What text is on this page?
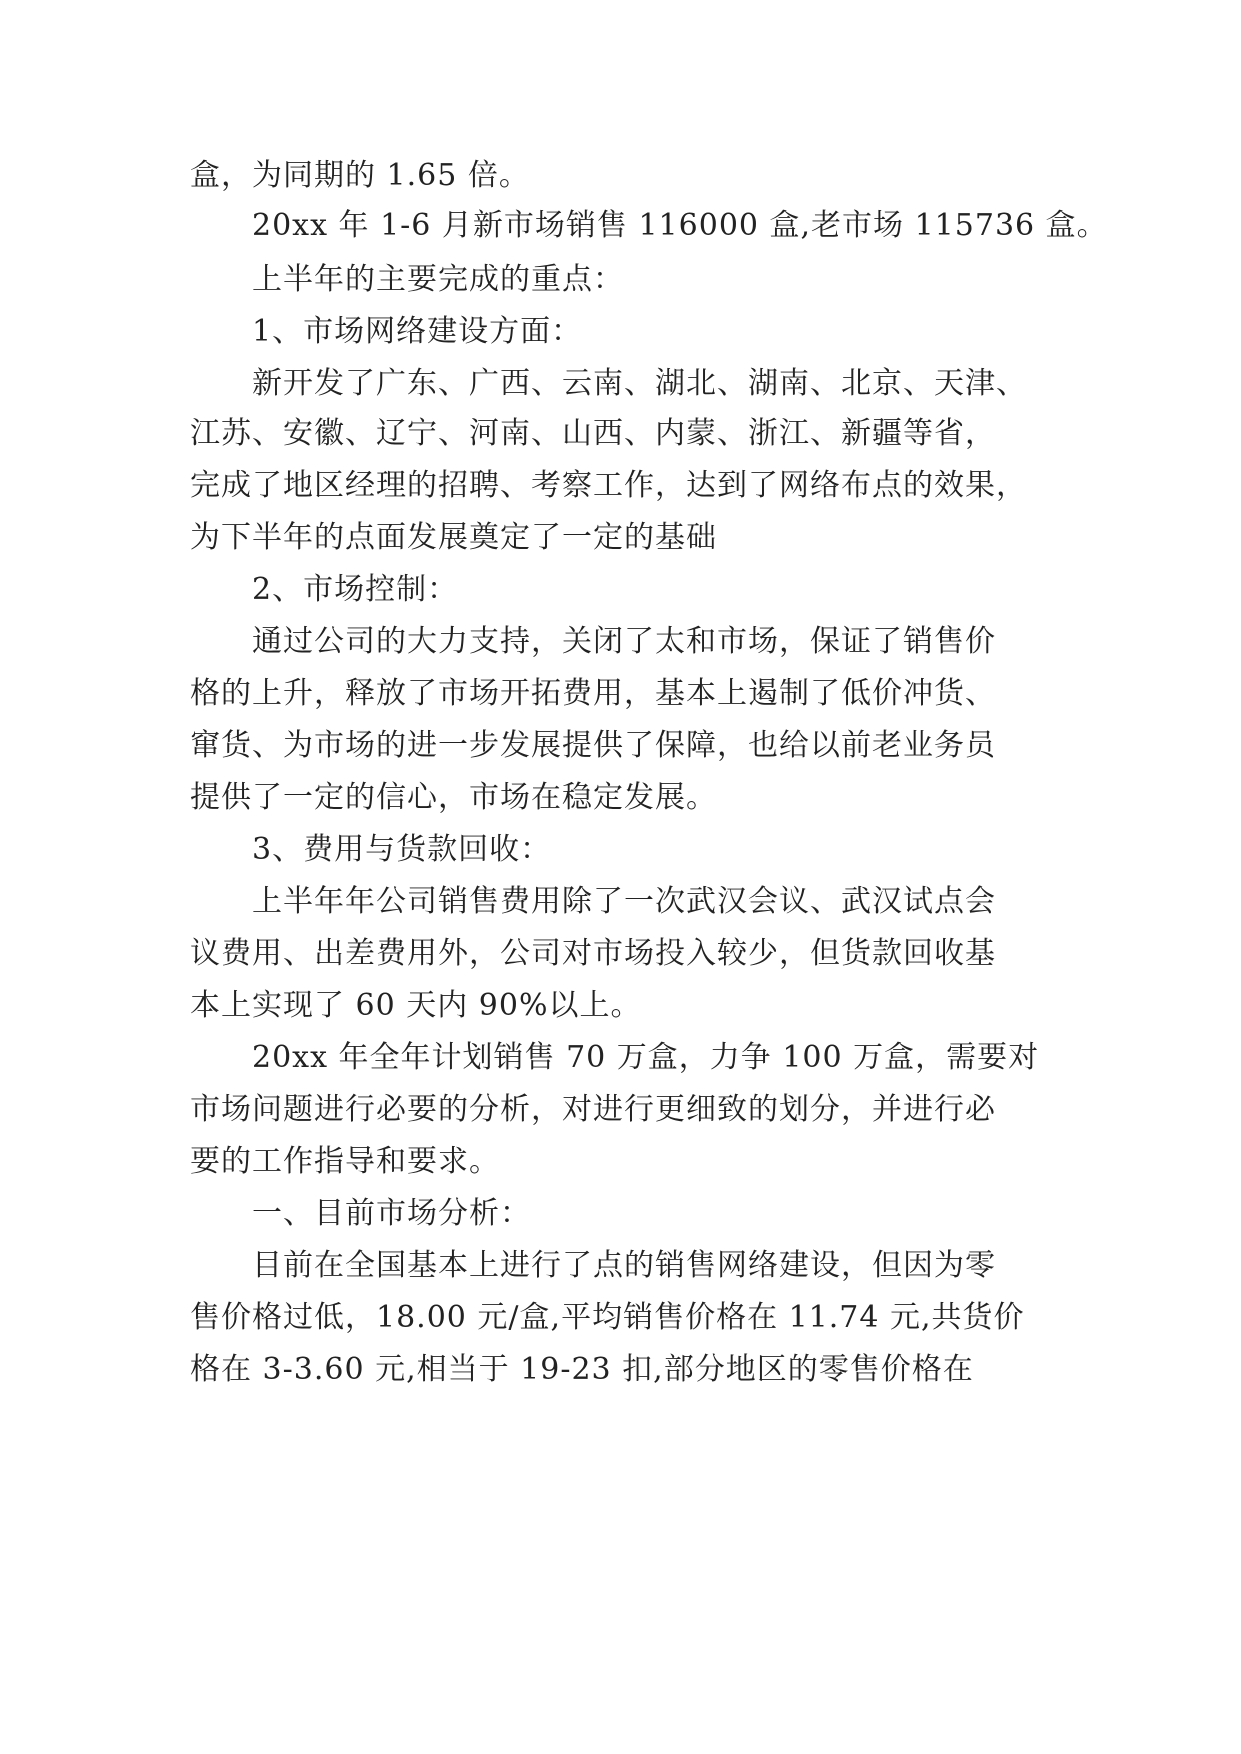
盒，为同期的 1.65 倍。
20xx 年 1-6 月新市场销售 116000 盒,老市场 115736 盒。
上半年的主要完成的重点：
1、市场网络建设方面：
新开发了广东、广西、云南、湖北、湖南、北京、天津、
江苏、安徽、辽宁、河南、山西、内蒙、浙江、新疆等省，
完成了地区经理的招聘、考察工作，达到了网络布点的效果，
为下半年的点面发展奠定了一定的基础
2、市场控制：
通过公司的大力支持，关闭了太和市场，保证了销售价
格的上升，释放了市场开拓费用，基本上遏制了低价冲货、
窜货、为市场的进一步发展提供了保障，也给以前老业务员
提供了一定的信心，市场在稳定发展。
3、费用与货款回收：
上半年年公司销售费用除了一次武汉会议、武汉试点会
议费用、出差费用外，公司对市场投入较少，但货款回收基
本上实现了 60 天内 90%以上。
20xx 年全年计划销售 70 万盒，力争 100 万盒，需要对
市场问题进行必要的分析，对进行更细致的划分，并进行必
要的工作指导和要求。
一、目前市场分析：
目前在全国基本上进行了点的销售网络建设，但因为零
售价格过低，18.00 元/盒,平均销售价格在 11.74 元,共货价
格在 3-3.60 元,相当于 19-23 扣,部分地区的零售价格在
